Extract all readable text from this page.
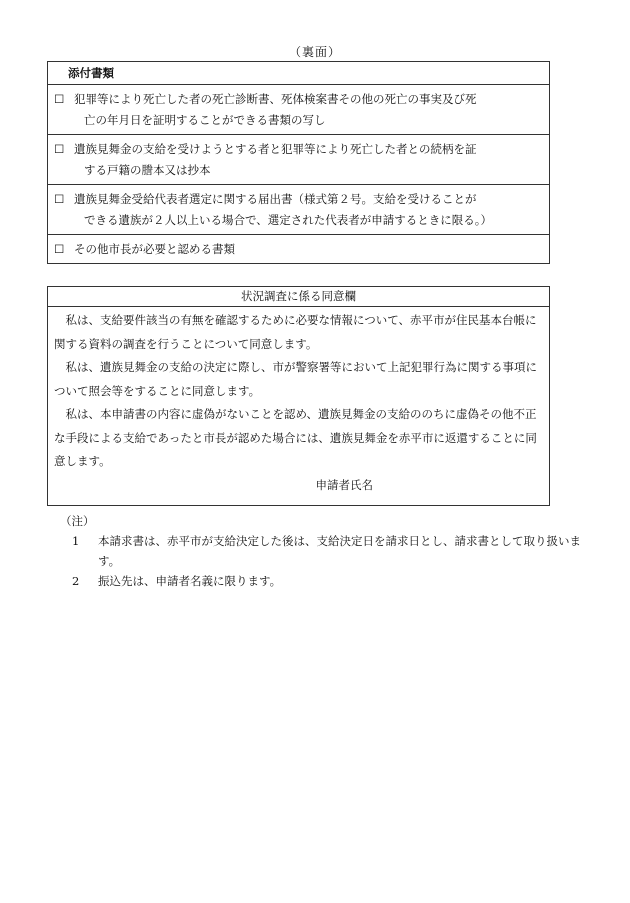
（裏面）
添付書類
☐ 犯罪等により死亡した者の死亡診断書、死体検案書その他の死亡の事実及び死
亡の年月日を証明することができる書類の写し
☐ 遺族見舞金の支給を受けようとする者と犯罪等により死亡した者との続柄を証
する戸籍の謄本又は抄本
☐ 遺族見舞金受給代表者選定に関する届出書（様式第２号。支給を受けることが
できる遺族が２人以上いる場合で、選定された代表者が申請するときに限る。）
☐ その他市長が必要と認める書類
状況調査に係る同意欄

私は、支給要件該当の有無を確認するために必要な情報について、赤平市が住民基本台帳に関する資料の調査を行うことについて同意します。

私は、遺族見舞金の支給の決定に際し、市が警察署等において上記犯罪行為に関する事項について照会等をすることに同意します。

私は、本申請書の内容に虚偽がないことを認め、遺族見舞金の支給ののちに虚偽その他不正な手段による支給であったと市長が認めた場合には、遺族見舞金を赤平市に返還することに同意します。

申請者氏名
（注）
1 本請求書は、赤平市が支給決定した後は、支給決定日を請求日とし、請求書として取り扱います。
2 振込先は、申請者名義に限ります。
